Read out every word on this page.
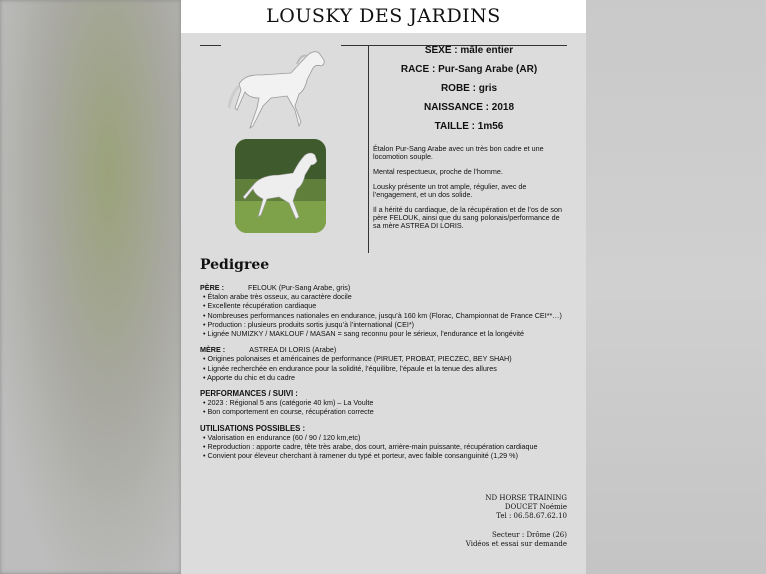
LOUSKY DES JARDINS
SEXE : mâle entier
RACE : Pur-Sang Arabe (AR)
ROBE : gris
NAISSANCE : 2018
TAILLE : 1m56

Étalon Pur-Sang Arabe avec un très bon cadre et une locomotion souple.

Mental respectueux, proche de l’homme.

Lousky présente un trot ample, régulier, avec de l’engagement, et un dos solide.

Il a hérité du cardiaque, de la récupération et de l’os de son père FELOUK, ainsi que du sang polonais/performance de sa mère ASTREA DI LORIS.

Pedigree
PÈRE :	FELOUK (Pur-Sang Arabe, gris)
• Étalon arabe très osseux, au caractère docile
• Excellente récupération cardiaque
• Nombreuses performances nationales en endurance, jusqu’à 160 km (Florac, Championnat de France CEI**…)
• Production : plusieurs produits sortis jusqu’à l’international (CEI*)
• Lignée NUMIZKY / MAKLOUF / MASAN = sang reconnu pour le sérieux, l’endurance et la longévité
MÈRE :	ASTREA DI LORIS (Arabe)
• Origines polonaises et américaines de performance (PIRUET, PROBAT, PIECZEC, BEY SHAH)
• Lignée recherchée en endurance pour la solidité, l’équilibre, l’épaule et la tenue des allures
• Apporte du chic et du cadre
PERFORMANCES / SUIVI :
• 2023 : Régional 5 ans (catégorie 40 km) – La Voulte
• Bon comportement en course, récupération correcte
UTILISATIONS POSSIBLES :
• Valorisation en endurance (60 / 90 / 120 km,etc)
• Reproduction : apporte cadre, tête très arabe, dos court, arrière-main puissante, récupération cardiaque
• Convient pour éleveur cherchant à ramener du typé et porteur, avec faible consanguinité (1,29 %)
ND HORSE TRAINING
DOUCET Noémie
Tel : 06.58.67.62.10
Secteur : Drôme (26)
Vidéos et essai sur demande
